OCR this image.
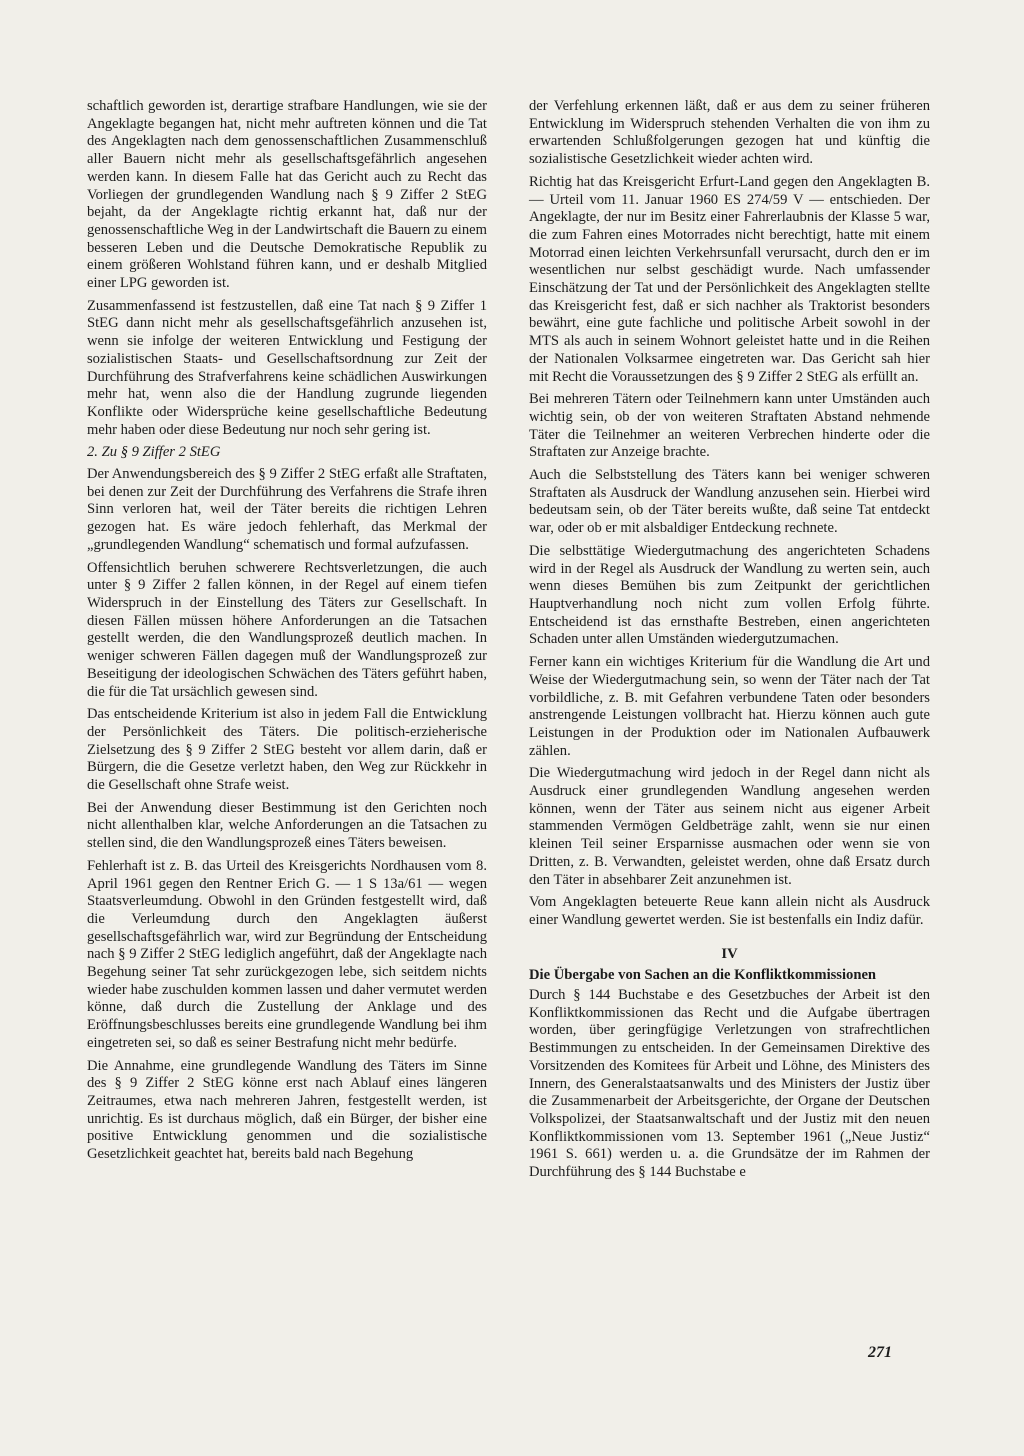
schaftlich geworden ist, derartige strafbare Handlungen, wie sie der Angeklagte begangen hat, nicht mehr auftreten können und die Tat des Angeklagten nach dem genossenschaftlichen Zusammenschluß aller Bauern nicht mehr als gesellschaftsgefährlich angesehen werden kann. In diesem Falle hat das Gericht auch zu Recht das Vorliegen der grundlegenden Wandlung nach § 9 Ziffer 2 StEG bejaht, da der Angeklagte richtig erkannt hat, daß nur der genossenschaftliche Weg in der Landwirtschaft die Bauern zu einem besseren Leben und die Deutsche Demokratische Republik zu einem größeren Wohlstand führen kann, und er deshalb Mitglied einer LPG geworden ist.

Zusammenfassend ist festzustellen, daß eine Tat nach § 9 Ziffer 1 StEG dann nicht mehr als gesellschaftsgefährlich anzusehen ist, wenn sie infolge der weiteren Entwicklung und Festigung der sozialistischen Staats- und Gesellschaftsordnung zur Zeit der Durchführung des Strafverfahrens keine schädlichen Auswirkungen mehr hat, wenn also die der Handlung zugrunde liegenden Konflikte oder Widersprüche keine gesellschaftliche Bedeutung mehr haben oder diese Bedeutung nur noch sehr gering ist.

2. Zu § 9 Ziffer 2 StEG

Der Anwendungsbereich des § 9 Ziffer 2 StEG erfaßt alle Straftaten, bei denen zur Zeit der Durchführung des Verfahrens die Strafe ihren Sinn verloren hat, weil der Täter bereits die richtigen Lehren gezogen hat. Es wäre jedoch fehlerhaft, das Merkmal der „grundlegenden Wandlung“ schematisch und formal aufzufassen.

Offensichtlich beruhen schwerere Rechtsverletzungen, die auch unter § 9 Ziffer 2 fallen können, in der Regel auf einem tiefen Widerspruch in der Einstellung des Täters zur Gesellschaft. In diesen Fällen müssen höhere Anforderungen an die Tatsachen gestellt werden, die den Wandlungsprozeß deutlich machen. In weniger schweren Fällen dagegen muß der Wandlungsprozeß zur Beseitigung der ideologischen Schwächen des Täters geführt haben, die für die Tat ursächlich gewesen sind.

Das entscheidende Kriterium ist also in jedem Fall die Entwicklung der Persönlichkeit des Täters. Die politisch-erzieherische Zielsetzung des § 9 Ziffer 2 StEG besteht vor allem darin, daß er Bürgern, die die Gesetze verletzt haben, den Weg zur Rückkehr in die Gesellschaft ohne Strafe weist.

Bei der Anwendung dieser Bestimmung ist den Gerichten noch nicht allenthalben klar, welche Anforderungen an die Tatsachen zu stellen sind, die den Wandlungsprozeß eines Täters beweisen.

Fehlerhaft ist z. B. das Urteil des Kreisgerichts Nordhausen vom 8. April 1961 gegen den Rentner Erich G. — 1 S 13a/61 — wegen Staatsverleumdung. Obwohl in den Gründen festgestellt wird, daß die Verleumdung durch den Angeklagten äußerst gesellschaftsgefährlich war, wird zur Begründung der Entscheidung nach § 9 Ziffer 2 StEG lediglich angeführt, daß der Angeklagte nach Begehung seiner Tat sehr zurückgezogen lebe, sich seitdem nichts wieder habe zuschulden kommen lassen und daher vermutet werden könne, daß durch die Zustellung der Anklage und des Eröffnungsbeschlusses bereits eine grundlegende Wandlung bei ihm eingetreten sei, so daß es seiner Bestrafung nicht mehr bedürfe.

Die Annahme, eine grundlegende Wandlung des Täters im Sinne des § 9 Ziffer 2 StEG könne erst nach Ablauf eines längeren Zeitraumes, etwa nach mehreren Jahren, festgestellt werden, ist unrichtig. Es ist durchaus möglich, daß ein Bürger, der bisher eine positive Entwicklung genommen und die sozialistische Gesetzlichkeit geachtet hat, bereits bald nach Begehung

der Verfehlung erkennen läßt, daß er aus dem zu seiner früheren Entwicklung im Widerspruch stehenden Verhalten die von ihm zu erwartenden Schlußfolgerungen gezogen hat und künftig die sozialistische Gesetzlichkeit wieder achten wird.

Richtig hat das Kreisgericht Erfurt-Land gegen den Angeklagten B. — Urteil vom 11. Januar 1960 ES 274/59 V — entschieden. Der Angeklagte, der nur im Besitz einer Fahrerlaubnis der Klasse 5 war, die zum Fahren eines Motorrades nicht berechtigt, hatte mit einem Motorrad einen leichten Verkehrsunfall verursacht, durch den er im wesentlichen nur selbst geschädigt wurde. Nach umfassender Einschätzung der Tat und der Persönlichkeit des Angeklagten stellte das Kreisgericht fest, daß er sich nachher als Traktorist besonders bewährt, eine gute fachliche und politische Arbeit sowohl in der MTS als auch in seinem Wohnort geleistet hatte und in die Reihen der Nationalen Volksarmee eingetreten war. Das Gericht sah hier mit Recht die Voraussetzungen des § 9 Ziffer 2 StEG als erfüllt an.

Bei mehreren Tätern oder Teilnehmern kann unter Umständen auch wichtig sein, ob der von weiteren Straftaten Abstand nehmende Täter die Teilnehmer an weiteren Verbrechen hinderte oder die Straftaten zur Anzeige brachte.

Auch die Selbststellung des Täters kann bei weniger schweren Straftaten als Ausdruck der Wandlung anzusehen sein. Hierbei wird bedeutsam sein, ob der Täter bereits wußte, daß seine Tat entdeckt war, oder ob er mit alsbaldiger Entdeckung rechnete.

Die selbsttätige Wiedergutmachung des angerichteten Schadens wird in der Regel als Ausdruck der Wandlung zu werten sein, auch wenn dieses Bemühen bis zum Zeitpunkt der gerichtlichen Hauptverhandlung noch nicht zum vollen Erfolg führte. Entscheidend ist das ernsthafte Bestreben, einen angerichteten Schaden unter allen Umständen wiedergutzumachen.

Ferner kann ein wichtiges Kriterium für die Wandlung die Art und Weise der Wiedergutmachung sein, so wenn der Täter nach der Tat vorbildliche, z. B. mit Gefahren verbundene Taten oder besonders anstrengende Leistungen vollbracht hat. Hierzu können auch gute Leistungen in der Produktion oder im Nationalen Aufbauwerk zählen.

Die Wiedergutmachung wird jedoch in der Regel dann nicht als Ausdruck einer grundlegenden Wandlung angesehen werden können, wenn der Täter aus seinem nicht aus eigener Arbeit stammenden Vermögen Geldbeträge zahlt, wenn sie nur einen kleinen Teil seiner Ersparnisse ausmachen oder wenn sie von Dritten, z. B. Verwandten, geleistet werden, ohne daß Ersatz durch den Täter in absehbarer Zeit anzunehmen ist.

Vom Angeklagten beteuerte Reue kann allein nicht als Ausdruck einer Wandlung gewertet werden. Sie ist bestenfalls ein Indiz dafür.

IV
Die Übergabe von Sachen an die Konfliktkommissionen

Durch § 144 Buchstabe e des Gesetzbuches der Arbeit ist den Konfliktkommissionen das Recht und die Aufgabe übertragen worden, über geringfügige Verletzungen von strafrechtlichen Bestimmungen zu entscheiden. In der Gemeinsamen Direktive des Vorsitzenden des Komitees für Arbeit und Löhne, des Ministers des Innern, des Generalstaatsanwalts und des Ministers der Justiz über die Zusammenarbeit der Arbeitsgerichte, der Organe der Deutschen Volkspolizei, der Staatsanwaltschaft und der Justiz mit den neuen Konfliktkommissionen vom 13. September 1961 („Neue Justiz“ 1961 S. 661) werden u. a. die Grundsätze der im Rahmen der Durchführung des § 144 Buchstabe e

271
